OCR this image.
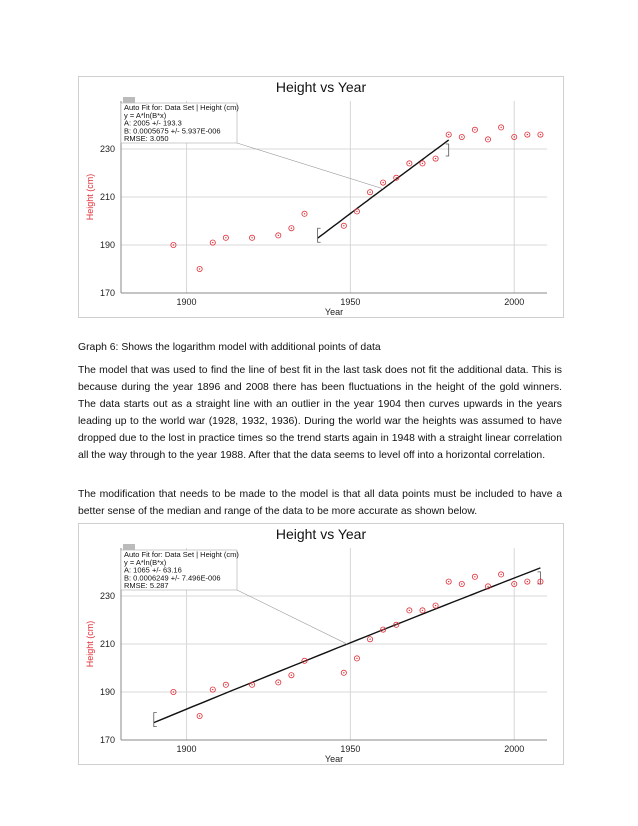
Height vs Year
170
190
210
230
1900	1950	2000
Year
Height (cm)
Auto Fit for: Data Set | Height (cm)
y = A*ln(B*x)
A: 2005 +/- 193.3
B: 0.0005675 +/- 5.937E-006
RMSE: 3.050

Graph 6: Shows the logarithm model with additional points of data

The model that was used to find the line of best fit in the last task does not fit the additional data. This is because during the year 1896 and 2008 there has been fluctuations in the height of the gold winners. The data starts out as a straight line with an outlier in the year 1904 then curves upwards in the years leading up to the world war (1928, 1932, 1936). During the world war the heights was assumed to have dropped due to the lost in practice times so the trend starts again in 1948 with a straight linear correlation all the way through to the year 1988. After that the data seems to level off into a horizontal correlation.

The modification that needs to be made to the model is that all data points must be included to have a better sense of the median and range of the data to be more accurate as shown below.

Height vs Year
170
190
210
230
1900	1950	2000
Year
Height (cm)
Auto Fit for: Data Set | Height (cm)
y = A*ln(B*x)
A: 1065 +/- 63.16
B: 0.0006249 +/- 7.496E-006
RMSE: 5.287
